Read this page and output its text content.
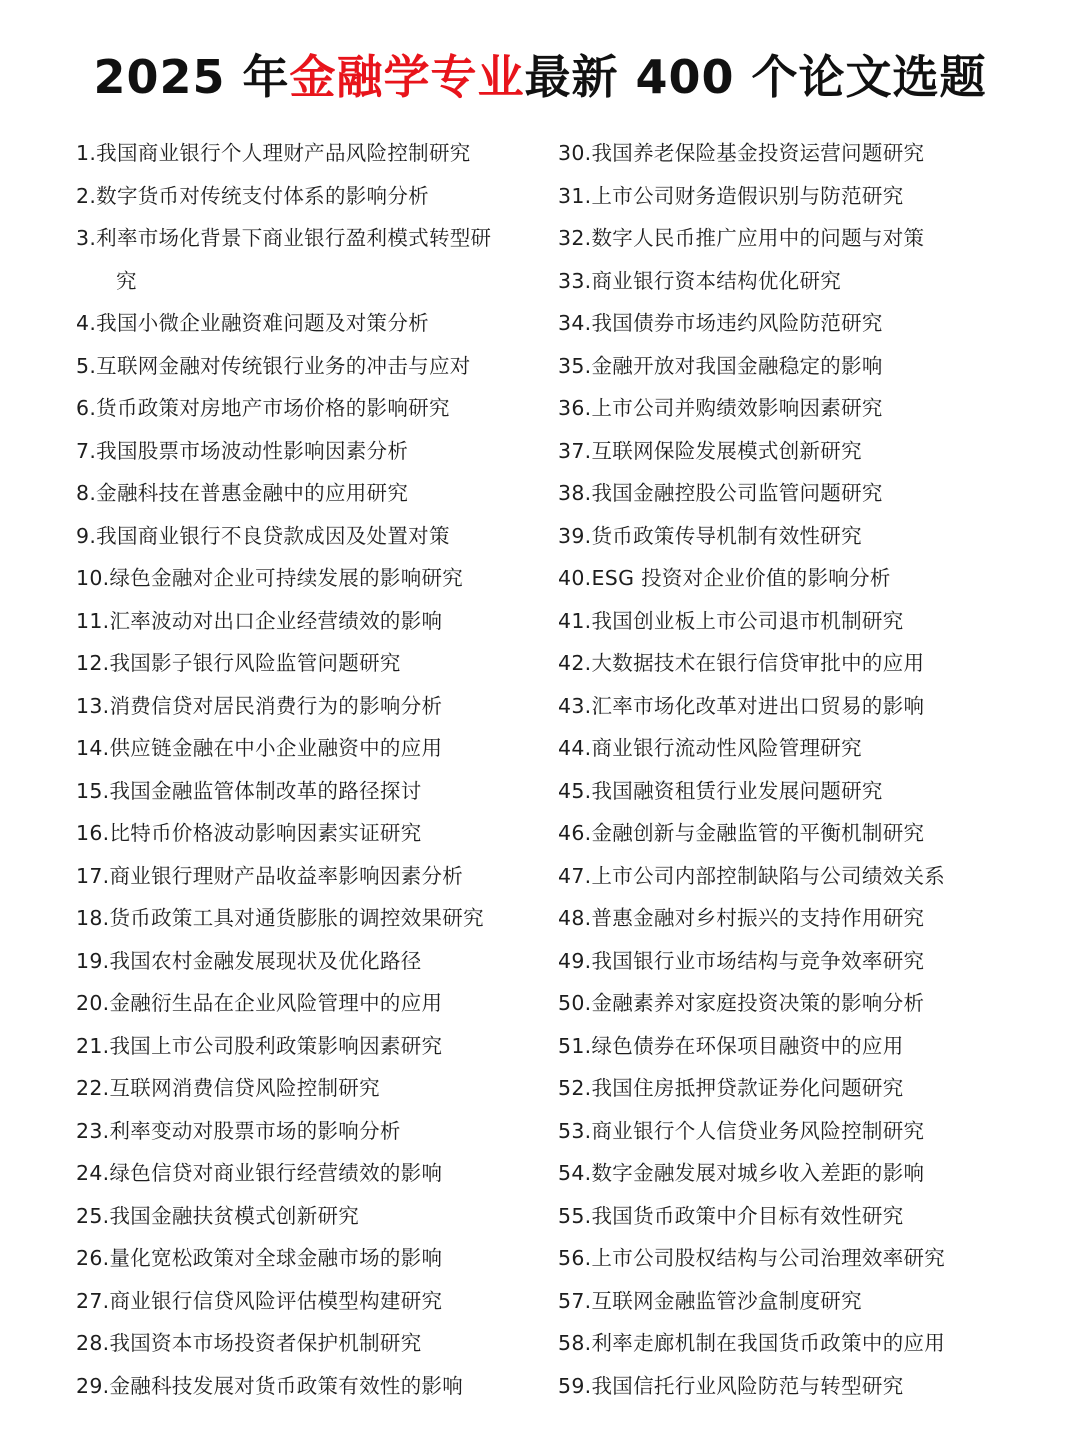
2025 年金融学专业最新 400 个论文选题
1.我国商业银行个人理财产品风险控制研究
2.数字货币对传统支付体系的影响分析
3.利率市场化背景下商业银行盈利模式转型研
究
4.我国小微企业融资难问题及对策分析
5.互联网金融对传统银行业务的冲击与应对
6.货币政策对房地产市场价格的影响研究
7.我国股票市场波动性影响因素分析
8.金融科技在普惠金融中的应用研究
9.我国商业银行不良贷款成因及处置对策
10.绿色金融对企业可持续发展的影响研究
11.汇率波动对出口企业经营绩效的影响
12.我国影子银行风险监管问题研究
13.消费信贷对居民消费行为的影响分析
14.供应链金融在中小企业融资中的应用
15.我国金融监管体制改革的路径探讨
16.比特币价格波动影响因素实证研究
17.商业银行理财产品收益率影响因素分析
18.货币政策工具对通货膨胀的调控效果研究
19.我国农村金融发展现状及优化路径
20.金融衍生品在企业风险管理中的应用
21.我国上市公司股利政策影响因素研究
22.互联网消费信贷风险控制研究
23.利率变动对股票市场的影响分析
24.绿色信贷对商业银行经营绩效的影响
25.我国金融扶贫模式创新研究
26.量化宽松政策对全球金融市场的影响
27.商业银行信贷风险评估模型构建研究
28.我国资本市场投资者保护机制研究
29.金融科技发展对货币政策有效性的影响
30.我国养老保险基金投资运营问题研究
31.上市公司财务造假识别与防范研究
32.数字人民币推广应用中的问题与对策
33.商业银行资本结构优化研究
34.我国债券市场违约风险防范研究
35.金融开放对我国金融稳定的影响
36.上市公司并购绩效影响因素研究
37.互联网保险发展模式创新研究
38.我国金融控股公司监管问题研究
39.货币政策传导机制有效性研究
40.ESG 投资对企业价值的影响分析
41.我国创业板上市公司退市机制研究
42.大数据技术在银行信贷审批中的应用
43.汇率市场化改革对进出口贸易的影响
44.商业银行流动性风险管理研究
45.我国融资租赁行业发展问题研究
46.金融创新与金融监管的平衡机制研究
47.上市公司内部控制缺陷与公司绩效关系
48.普惠金融对乡村振兴的支持作用研究
49.我国银行业市场结构与竞争效率研究
50.金融素养对家庭投资决策的影响分析
51.绿色债券在环保项目融资中的应用
52.我国住房抵押贷款证券化问题研究
53.商业银行个人信贷业务风险控制研究
54.数字金融发展对城乡收入差距的影响
55.我国货币政策中介目标有效性研究
56.上市公司股权结构与公司治理效率研究
57.互联网金融监管沙盒制度研究
58.利率走廊机制在我国货币政策中的应用
59.我国信托行业风险防范与转型研究
